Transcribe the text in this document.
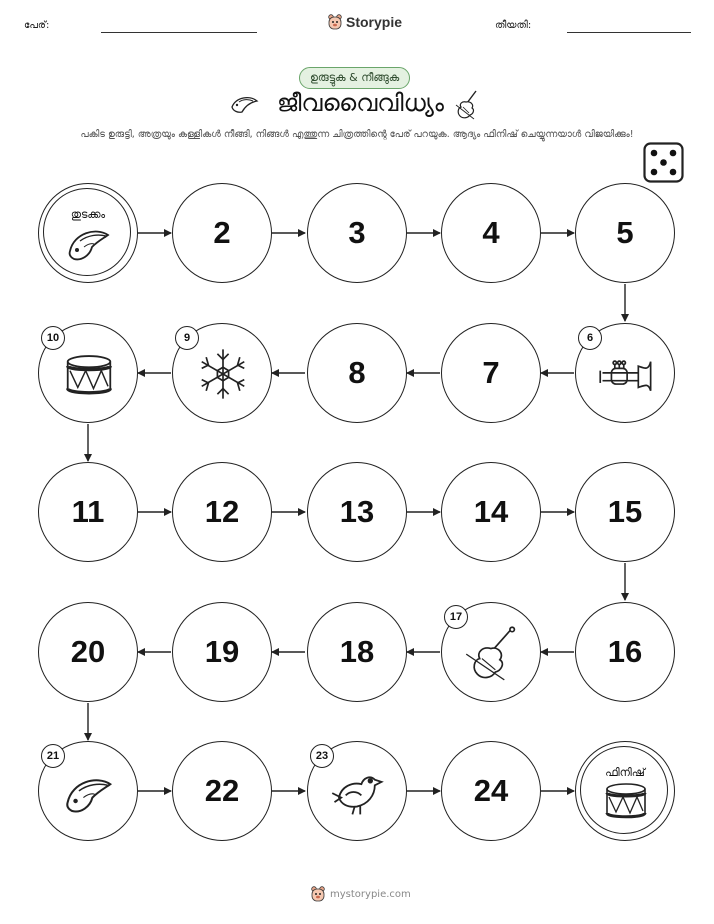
പേര്:	Storypie	തീയതി:
ഉരുട്ടുക & നീങ്ങുക
ജീവവൈവിധ്യം
പകിട ഉരുട്ടി, അത്രയും കള്ളികൾ നീങ്ങി, നിങ്ങൾ എത്തുന്ന ചിത്രത്തിന്റെ പേര് പറയുക. ആദ്യം ഫിനിഷ് ചെയ്യുന്നയാൾ വിജയിക്കും!
തുടക്കം
2	3	4	5
6
7
8
9
10
11	12	13	14	15
16
17
18
19
20
21
22
23
24
ഫിനിഷ്
mystorypie.com
